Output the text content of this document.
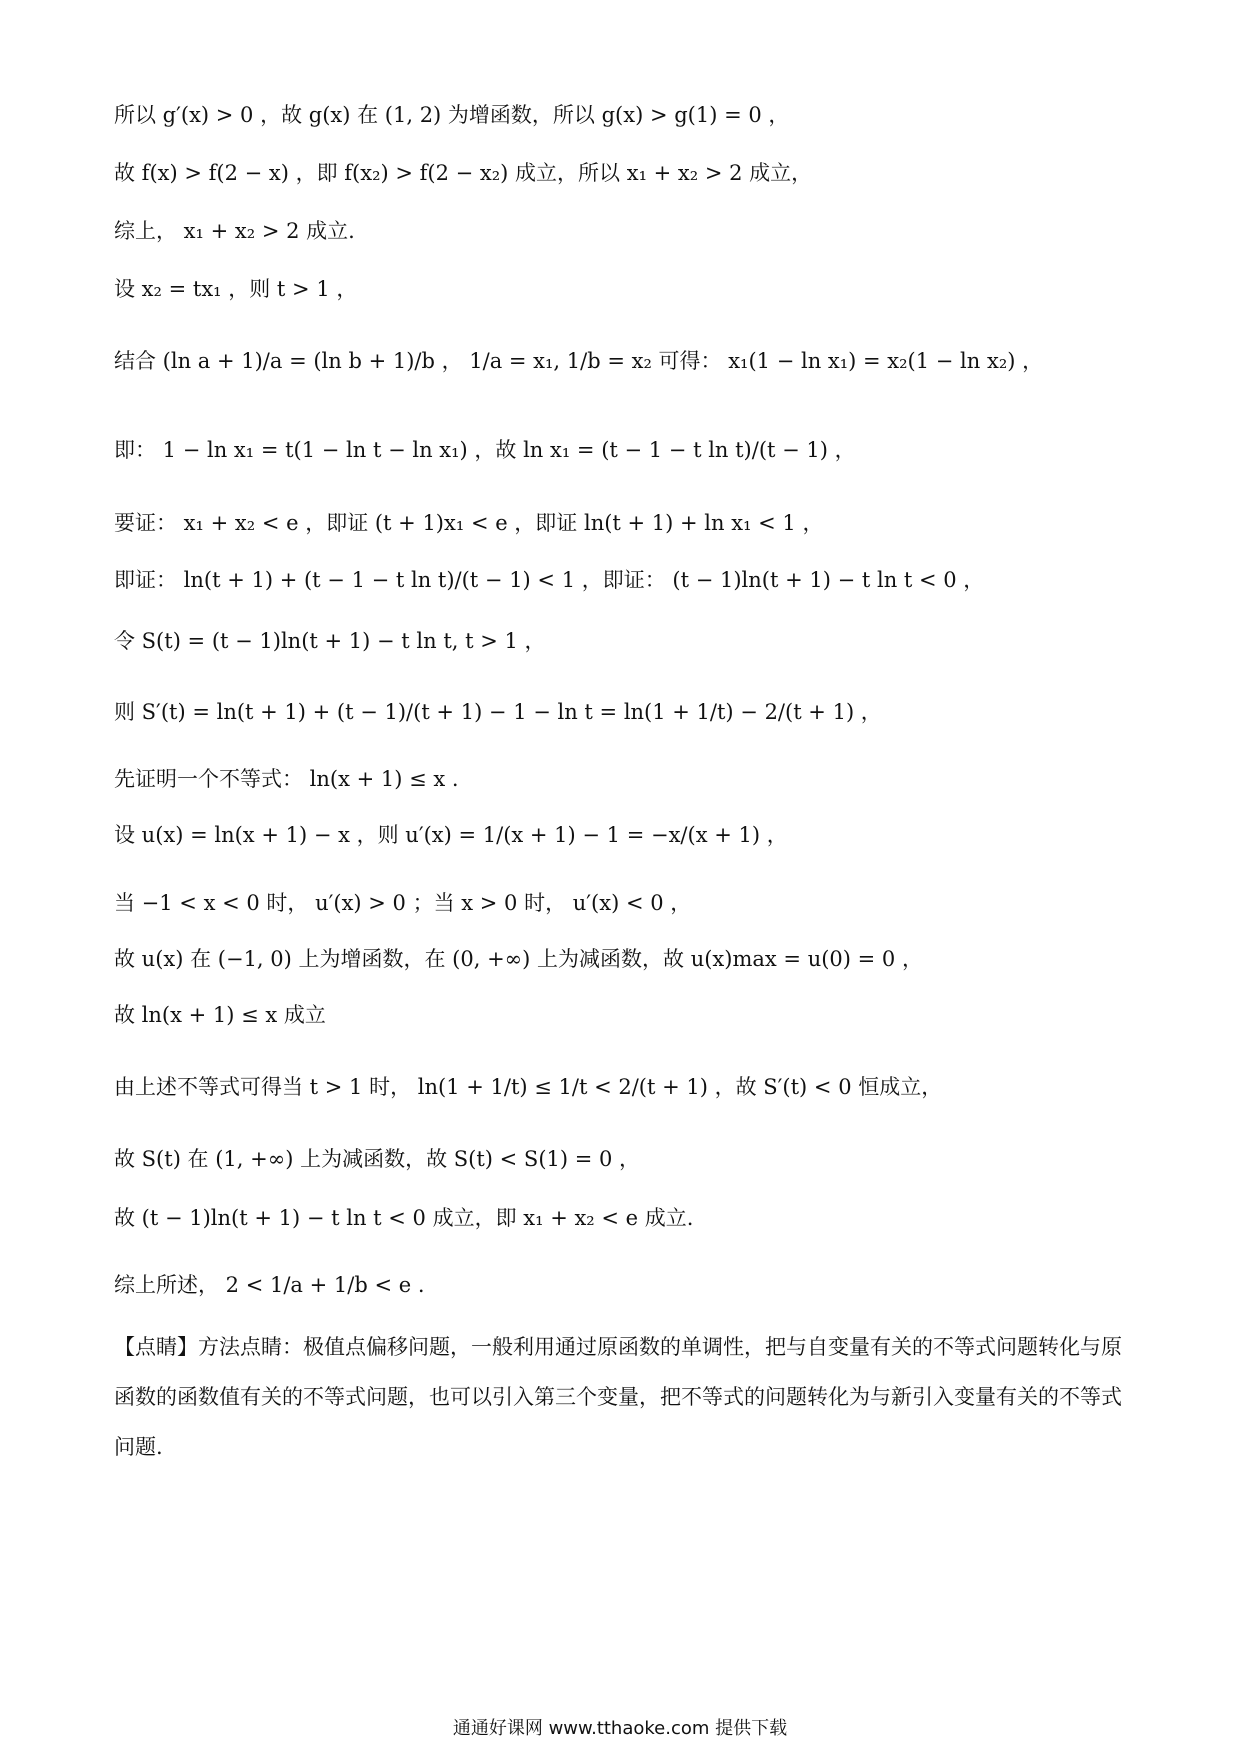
所以 g′(x) > 0 ，故 g(x) 在 (1, 2) 为增函数，所以 g(x) > g(1) = 0 ，
故 f(x) > f(2 − x) ，即 f(x₂) > f(2 − x₂) 成立，所以 x₁ + x₂ > 2 成立，
综上， x₁ + x₂ > 2 成立.
设 x₂ = tx₁ ，则 t > 1 ，
结合 (ln a + 1)/a = (ln b + 1)/b ， 1/a = x₁, 1/b = x₂ 可得： x₁(1 − ln x₁) = x₂(1 − ln x₂) ，
即： 1 − ln x₁ = t(1 − ln t − ln x₁) ，故 ln x₁ = (t − 1 − t ln t)/(t − 1) ，
要证： x₁ + x₂ < e ，即证 (t + 1)x₁ < e ，即证 ln(t + 1) + ln x₁ < 1 ，
即证： ln(t + 1) + (t − 1 − t ln t)/(t − 1) < 1 ，即证： (t − 1)ln(t + 1) − t ln t < 0 ，
令 S(t) = (t − 1)ln(t + 1) − t ln t, t > 1 ，
则 S′(t) = ln(t + 1) + (t − 1)/(t + 1) − 1 − ln t = ln(1 + 1/t) − 2/(t + 1) ，
先证明一个不等式： ln(x + 1) ≤ x .
设 u(x) = ln(x + 1) − x ，则 u′(x) = 1/(x + 1) − 1 = −x/(x + 1) ，
当 −1 < x < 0 时， u′(x) > 0 ；当 x > 0 时， u′(x) < 0 ，
故 u(x) 在 (−1, 0) 上为增函数，在 (0, +∞) 上为减函数，故 u(x)max = u(0) = 0 ，
故 ln(x + 1) ≤ x 成立
由上述不等式可得当 t > 1 时， ln(1 + 1/t) ≤ 1/t < 2/(t + 1) ，故 S′(t) < 0 恒成立，
故 S(t) 在 (1, +∞) 上为减函数，故 S(t) < S(1) = 0 ，
故 (t − 1)ln(t + 1) − t ln t < 0 成立，即 x₁ + x₂ < e 成立.
综上所述， 2 < 1/a + 1/b < e .
【点睛】方法点睛：极值点偏移问题，一般利用通过原函数的单调性，把与自变量有关的不等式问题转化与原函数的函数值有关的不等式问题，也可以引入第三个变量，把不等式的问题转化为与新引入变量有关的不等式问题.
通通好课网 www.tthaoke.com 提供下载
